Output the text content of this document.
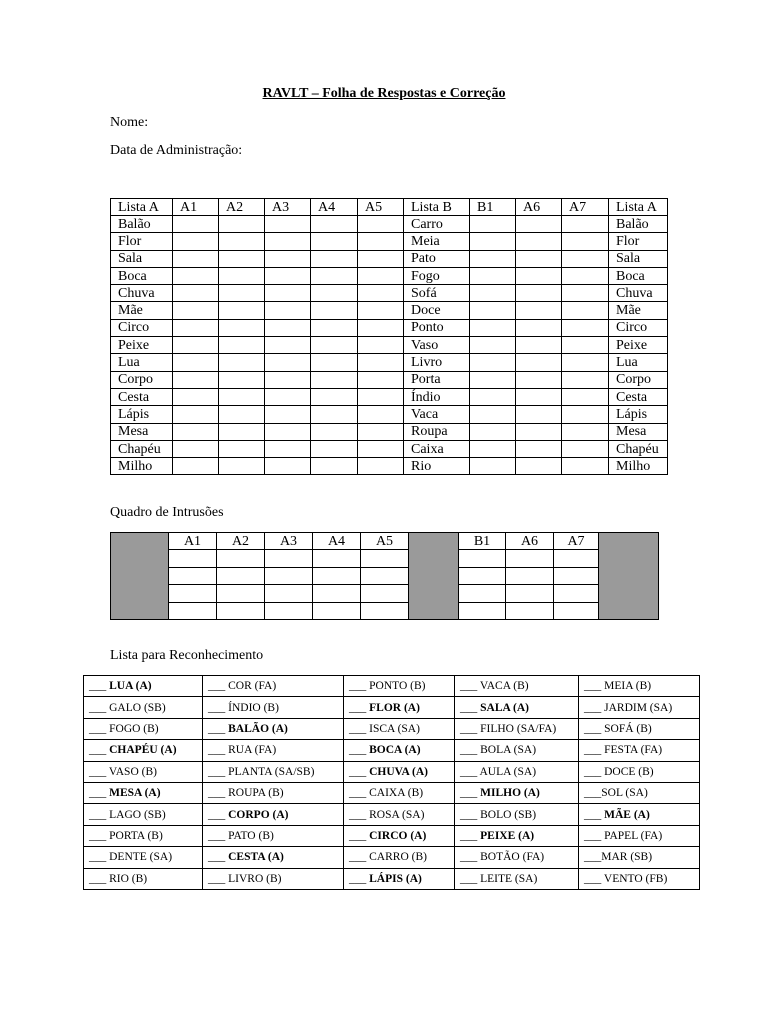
RAVLT – Folha de Respostas e Correção
Nome:
Data de Administração:
Lista A	A1	A2	A3	A4	A5	Lista B	B1	A6	A7	Lista A
Balão						Carro				Balão
Flor						Meia				Flor
Sala						Pato				Sala
Boca						Fogo				Boca
Chuva						Sofá				Chuva
Mãe						Doce				Mãe
Circo						Ponto				Circo
Peixe						Vaso				Peixe
Lua						Livro				Lua
Corpo						Porta				Corpo
Cesta						Índio				Cesta
Lápis						Vaca				Lápis
Mesa						Roupa				Mesa
Chapéu						Caixa				Chapéu
Milho						Rio				Milho
Quadro de Intrusões
	A1	A2	A3	A4	A5		B1	A6	A7	

Lista para Reconhecimento
___ LUA (A)	___ COR (FA)	___ PONTO (B)	___ VACA (B)	___ MEIA (B)
___ GALO (SB)	___ ÍNDIO (B)	___ FLOR (A)	___ SALA (A)	___ JARDIM (SA)
___ FOGO (B)	___ BALÃO (A)	___ ISCA (SA)	___ FILHO (SA/FA)	___ SOFÁ (B)
___ CHAPÉU (A)	___ RUA (FA)	___ BOCA (A)	___ BOLA (SA)	___ FESTA (FA)
___ VASO (B)	___ PLANTA (SA/SB)	___ CHUVA (A)	___ AULA (SA)	___ DOCE (B)
___ MESA (A)	___ ROUPA (B)	___ CAIXA (B)	___ MILHO (A)	___SOL (SA)
___ LAGO (SB)	___ CORPO (A)	___ ROSA (SA)	___ BOLO (SB)	___ MÃE (A)
___ PORTA (B)	___ PATO (B)	___ CIRCO (A)	___ PEIXE (A)	___ PAPEL (FA)
___ DENTE (SA)	___ CESTA (A)	___ CARRO (B)	___ BOTÃO (FA)	___MAR (SB)
___ RIO (B)	___ LIVRO (B)	___ LÁPIS (A)	___ LEITE (SA)	___ VENTO (FB)
